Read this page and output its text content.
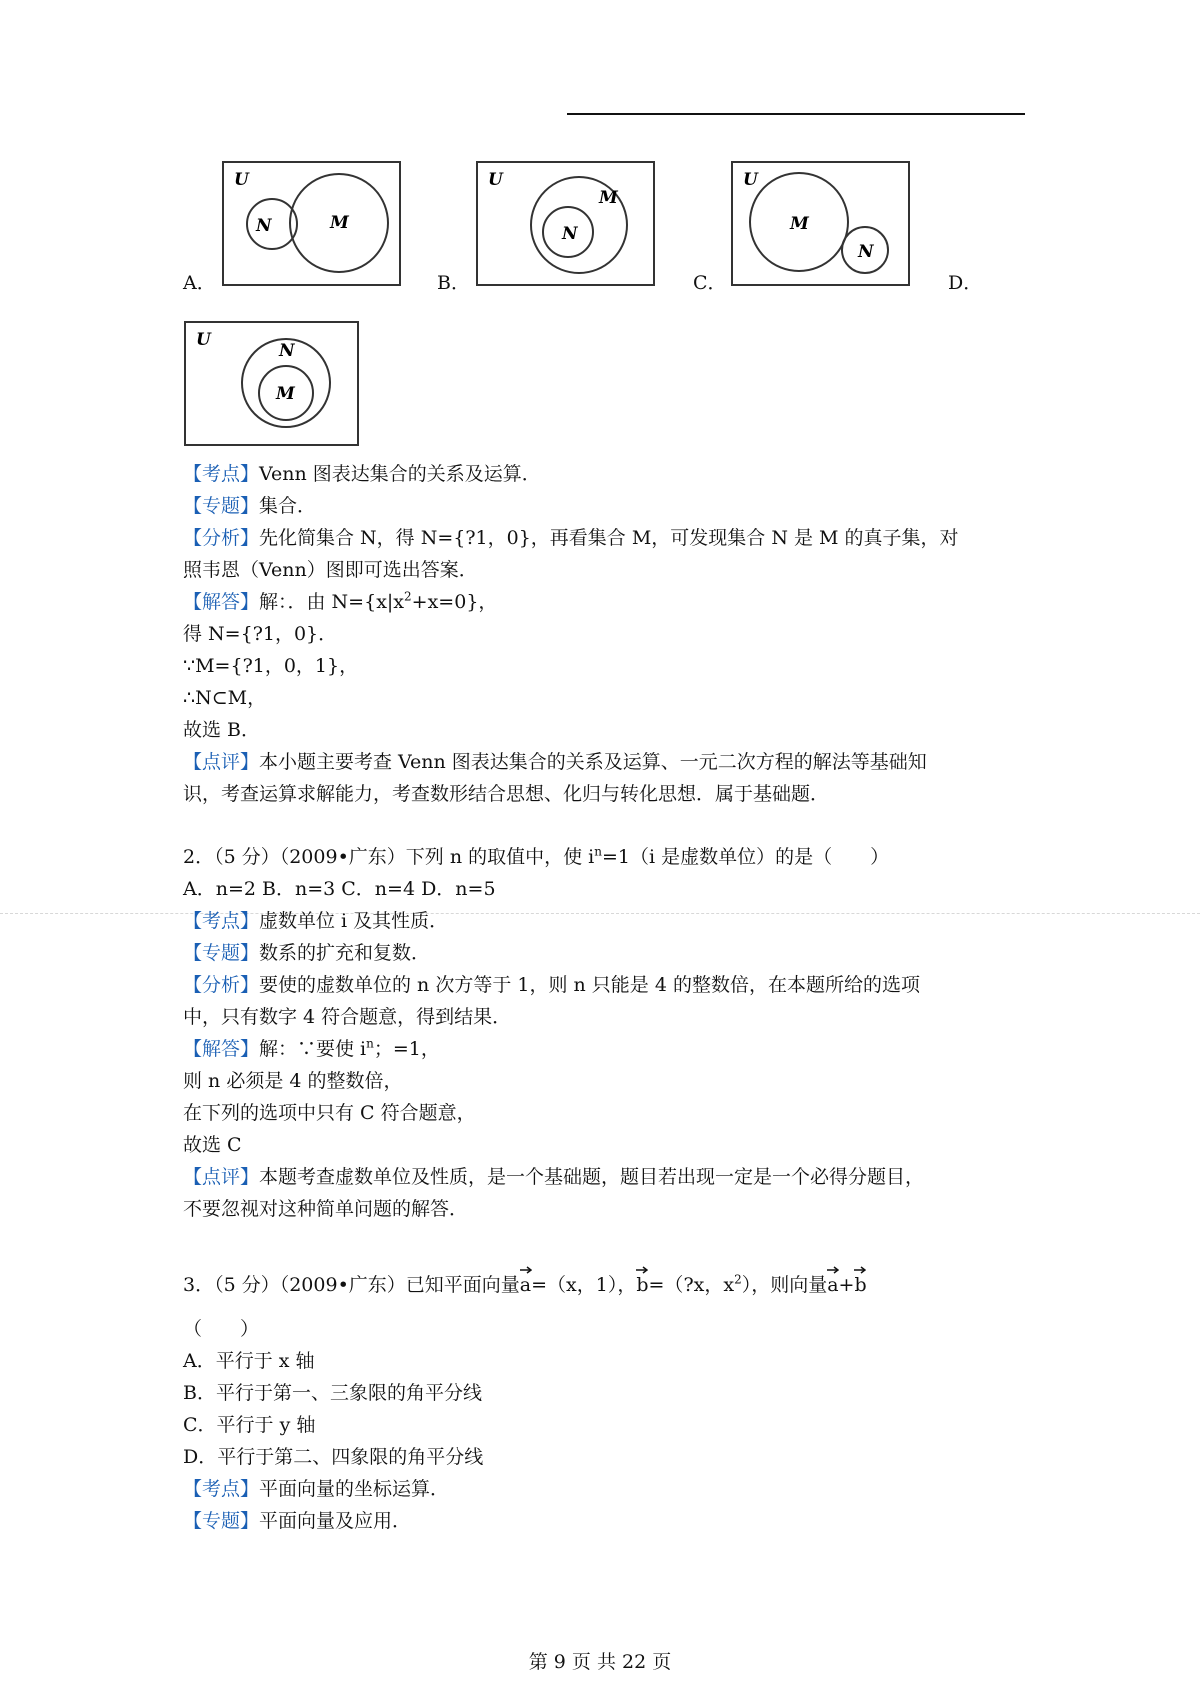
A．
U
N	M
B．
U
M
N
C．
U
M
N
D．
U
N
M
【考点】Venn 图表达集合的关系及运算．
【专题】集合．
【分析】先化简集合 N，得 N={?1，0}，再看集合 M，可发现集合 N 是 M 的真子集，对
照韦恩（Venn）图即可选出答案．
【解答】解：．由 $N=\{x|x^2+x=0\}$，
得 N={?1，0}．
∵M={?1，0，1}，
∴N⊂M，
故选 B．
【点评】本小题主要考查 Venn 图表达集合的关系及运算、一元二次方程的解法等基础知
识，考查运算求解能力，考查数形结合思想、化归与转化思想．属于基础题．
2．（5 分）（2009•广东）下列 n 的取值中，使 $i^n=1(i$ 是虚数单位）的是（　　）
A．n=2 B．n=3 C．n=4 D．n=5
【考点】虚数单位 i 及其性质．
【专题】数系的扩充和复数．
【分析】要使的虚数单位的 n 次方等于 1，则 n 只能是 4 的整数倍，在本题所给的选项
中，只有数字 4 符合题意，得到结果．
【解答】解：∵要使 $i^n$；=1，
则 n 必须是 4 的整数倍，
在下列的选项中只有 C 符合题意，
故选 C
【点评】本题考查虚数单位及性质，是一个基础题，题目若出现一定是一个必得分题目，
不要忽视对这种简单问题的解答．
3．（5 分）（2009•广东）已知平面向量
a=（x，1），
b=（?x，$x^2$），则向量
a+
b
（　　）
A．平行于 x 轴
B．平行于第一、三象限的角平分线
C．平行于 y 轴
D．平行于第二、四象限的角平分线
【考点】平面向量的坐标运算．
【专题】平面向量及应用．
第 9 页 共 22 页
